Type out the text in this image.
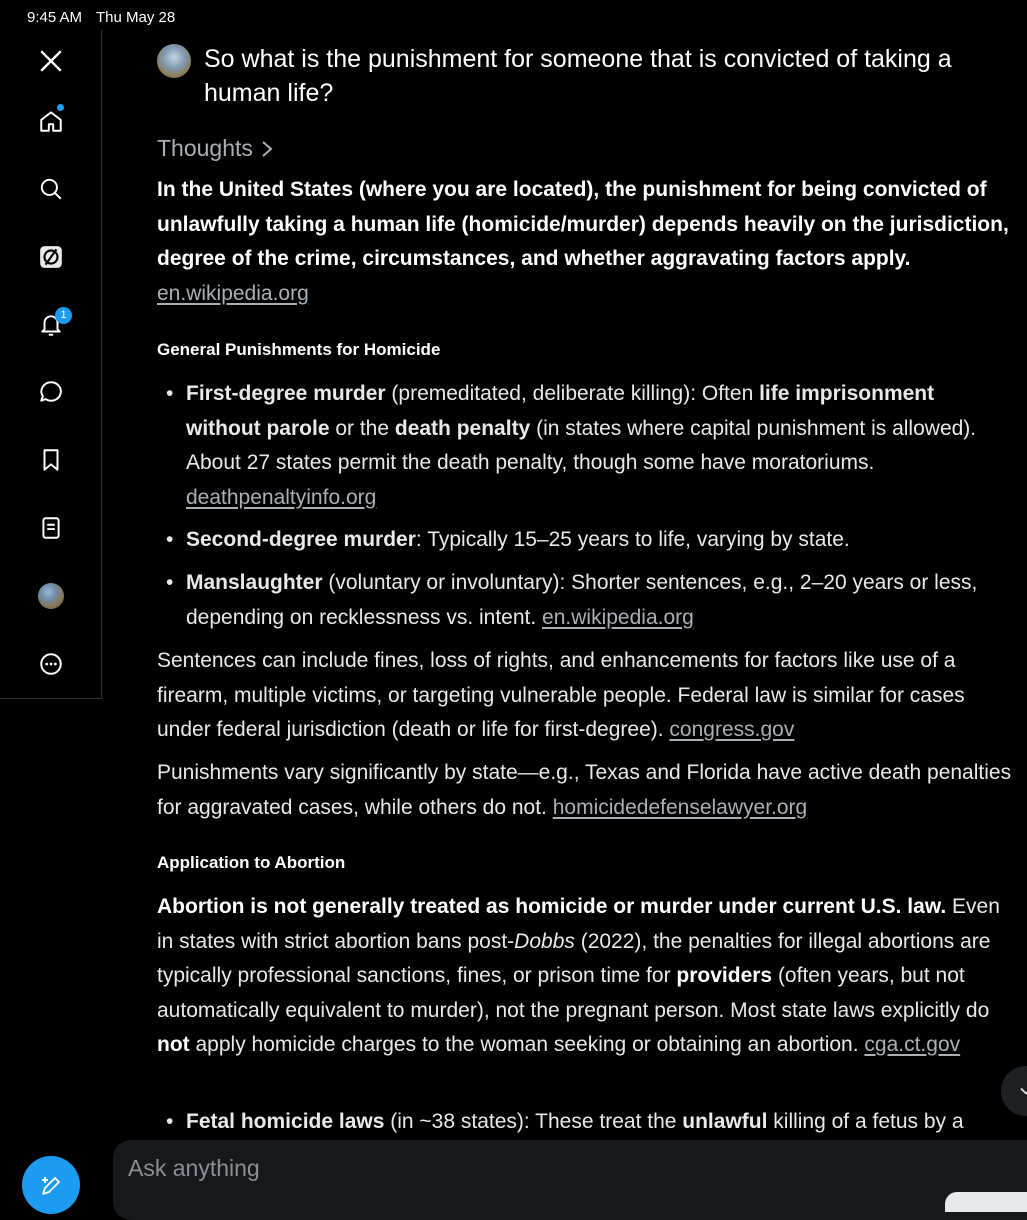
9:45 AM Thu May 28
1
So what is the punishment for someone that is convicted of taking a human life?
Thoughts
In the United States (where you are located), the punishment for being convicted of unlawfully taking a human life (homicide/murder) depends heavily on the jurisdiction, degree of the crime, circumstances, and whether aggravating factors apply. en.wikipedia.org
General Punishments for Homicide
• First-degree murder (premeditated, deliberate killing): Often life imprisonment without parole or the death penalty (in states where capital punishment is allowed). About 27 states permit the death penalty, though some have moratoriums. deathpenaltyinfo.org
• Second-degree murder: Typically 15–25 years to life, varying by state.
• Manslaughter (voluntary or involuntary): Shorter sentences, e.g., 2–20 years or less, depending on recklessness vs. intent. en.wikipedia.org
Sentences can include fines, loss of rights, and enhancements for factors like use of a firearm, multiple victims, or targeting vulnerable people. Federal law is similar for cases under federal jurisdiction (death or life for first-degree). congress.gov
Punishments vary significantly by state—e.g., Texas and Florida have active death penalties for aggravated cases, while others do not. homicidedefenselawyer.org
Application to Abortion
Abortion is not generally treated as homicide or murder under current U.S. law. Even in states with strict abortion bans post-Dobbs (2022), the penalties for illegal abortions are typically professional sanctions, fines, or prison time for providers (often years, but not automatically equivalent to murder), not the pregnant person. Most state laws explicitly do not apply homicide charges to the woman seeking or obtaining an abortion. cga.ct.gov
• Fetal homicide laws (in ~38 states): These treat the unlawful killing of a fetus by a
Ask anything
